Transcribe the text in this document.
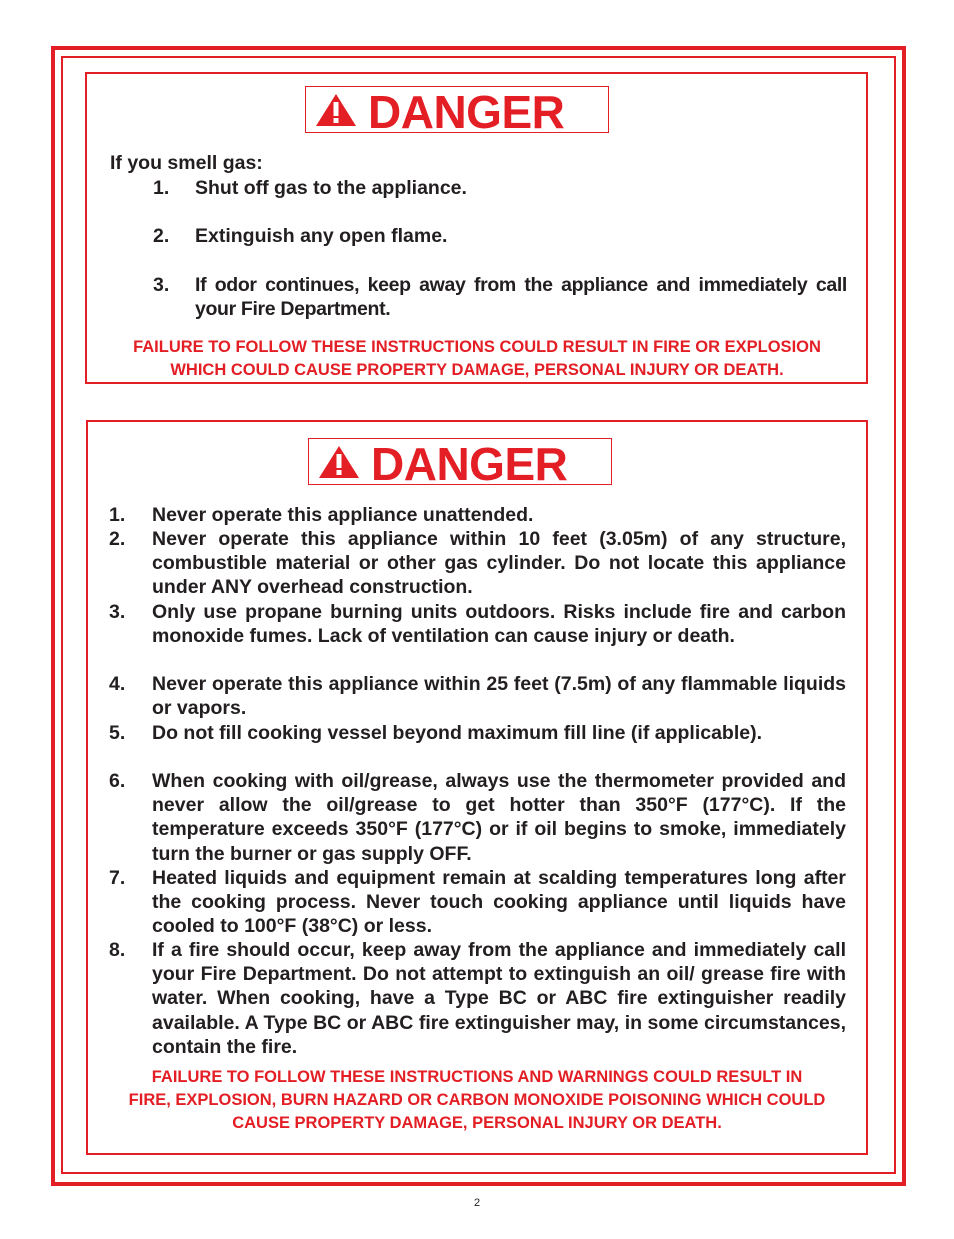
DANGER
If you smell gas:
1. Shut off gas to the appliance.
2. Extinguish any open flame.
3. If odor continues, keep away from the appliance and immediately call your Fire Department.
FAILURE TO FOLLOW THESE INSTRUCTIONS COULD RESULT IN FIRE OR EXPLOSION
WHICH COULD CAUSE PROPERTY DAMAGE, PERSONAL INJURY OR DEATH.
DANGER
1. Never operate this appliance unattended.
2. Never operate this appliance within 10 feet (3.05m) of any structure, combustible material or other gas cylinder. Do not locate this appliance under ANY overhead construction.
3. Only use propane burning units outdoors. Risks include fire and carbon monoxide fumes. Lack of ventilation can cause injury or death.
4. Never operate this appliance within 25 feet (7.5m) of any flammable liquids or vapors.
5. Do not fill cooking vessel beyond maximum fill line (if applicable).
6. When cooking with oil/grease, always use the thermometer provided and never allow the oil/grease to get hotter than 350°F (177°C). If the temperature exceeds 350°F (177°C) or if oil begins to smoke, immediately turn the burner or gas supply OFF.
7. Heated liquids and equipment remain at scalding temperatures long after the cooking process. Never touch cooking appliance until liquids have cooled to 100°F (38°C) or less.
8. If a fire should occur, keep away from the appliance and immediately call your Fire Department. Do not attempt to extinguish an oil/ grease fire with water. When cooking, have a Type BC or ABC fire extinguisher readily available. A Type BC or ABC fire extinguisher may, in some circumstances, contain the fire.
FAILURE TO FOLLOW THESE INSTRUCTIONS AND WARNINGS COULD RESULT IN
FIRE, EXPLOSION, BURN HAZARD OR CARBON MONOXIDE POISONING WHICH COULD
CAUSE PROPERTY DAMAGE, PERSONAL INJURY OR DEATH.
2
